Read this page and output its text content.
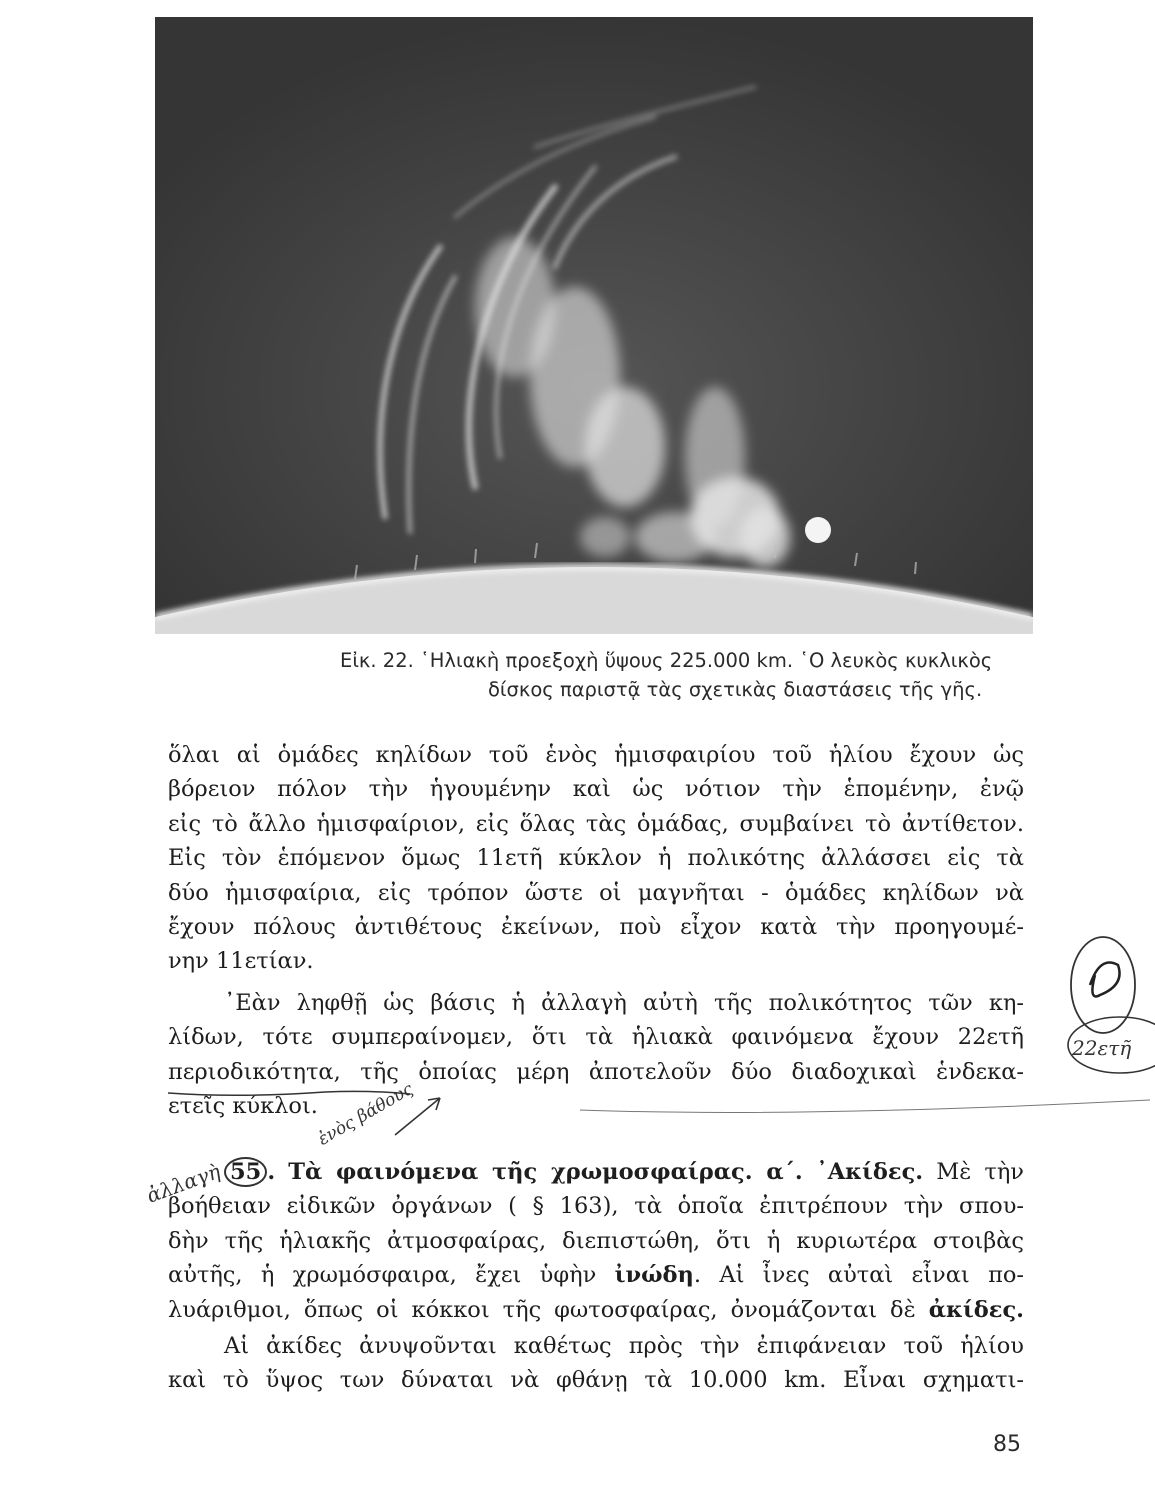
Εἰκ. 22. ῾Ηλιακὴ προεξοχὴ ὕψους 225.000 km. ῾Ο λευκὸς κυκλικὸς
δίσκος παριστᾷ τὰς σχετικὰς διαστάσεις τῆς γῆς.
ὅλαι αἱ ὁμάδες κηλίδων τοῦ ἑνὸς ἡμισφαιρίου τοῦ ἡλίου ἔχουν ὡς
βόρειον πόλον τὴν ἡγουμένην καὶ ὡς νότιον τὴν ἑπομένην, ἐνῷ
εἰς τὸ ἄλλο ἡμισφαίριον, εἰς ὅλας τὰς ὁμάδας, συμβαίνει τὸ ἀντίθετον.
Εἰς τὸν ἑπόμενον ὅμως 11ετῆ κύκλον ἡ πολικότης ἀλλάσσει εἰς τὰ
δύο ἡμισφαίρια, εἰς τρόπον ὥστε οἱ μαγνῆται - ὁμάδες κηλίδων νὰ
ἔχουν πόλους ἀντιθέτους ἐκείνων, ποὺ εἶχον κατὰ τὴν προηγουμέ-
νην 11ετίαν.
᾽Εὰν ληφθῇ ὡς βάσις ἡ ἀλλαγὴ αὐτὴ τῆς πολικότητος τῶν κη-
λίδων, τότε συμπεραίνομεν, ὅτι τὰ ἡλιακὰ φαινόμενα ἔχουν 22ετῆ
περιοδικότητα, τῆς ὁποίας μέρη ἀποτελοῦν δύο διαδοχικαὶ ἑνδεκα-
ετεῖς κύκλοι.
55 . Τὰ φαινόμενα τῆς χρωμοσφαίρας. α΄. ᾽Ακίδες. Μὲ τὴν
βοήθειαν εἰδικῶν ὀργάνων ( § 163), τὰ ὁποῖα ἐπιτρέπουν τὴν σπου-
δὴν τῆς ἡλιακῆς ἀτμοσφαίρας, διεπιστώθη, ὅτι ἡ κυριωτέρα στοιβὰς
αὐτῆς, ἡ χρωμόσφαιρα, ἔχει ὑφὴν ἰνώδη. Αἱ ἶνες αὐταὶ εἶναι πο-
λυάριθμοι, ὅπως οἱ κόκκοι τῆς φωτοσφαίρας, ὀνομάζονται δὲ ἀκίδες.
Αἱ ἀκίδες ἀνυψοῦνται καθέτως πρὸς τὴν ἐπιφάνειαν τοῦ ἡλίου
καὶ τὸ ὕψος των δύναται νὰ φθάνῃ τὰ 10.000 km. Εἶναι σχηματι-
85
ἐνὸς βάθους
ἀλλαγὴ
22ετῆ
